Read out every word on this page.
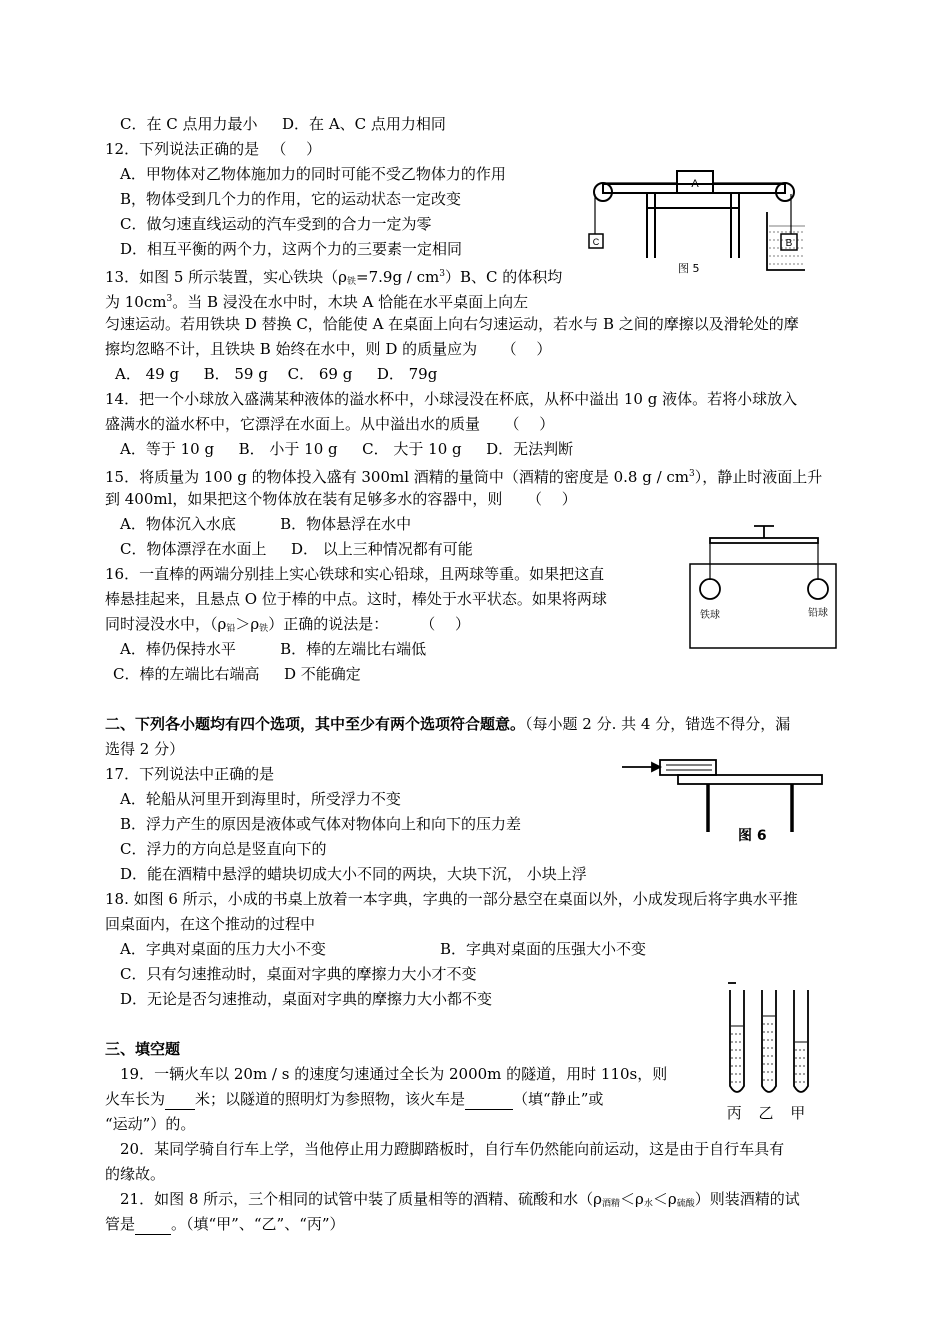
C．在 C 点用力最小 　 D．在 A、C 点用力相同
12．下列说法正确的是 　（ 　）
A．甲物体对乙物体施加力的同时可能不受乙物体力的作用
B，物体受到几个力的作用，它的运动状态一定改变
C．做匀速直线运动的汽车受到的合力一定为零
D．相互平衡的两个力，这两个力的三要素一定相同
13．如图 5 所示装置，实心铁块$(\rho_铁=7.9g / cm^3)B$、C 的体积均
为 $10cm^3$。当 B 浸没在水中时，木块 A 恰能在水平桌面上向左
匀速运动。若用铁块 D 替换 C，恰能使 A 在桌面上向右匀速运动，若水与 B 之间的摩擦以及滑轮处的摩
擦均忽略不计，且铁块 B 始终在水中，则 D 的质量应为 　 （ 　）
A． 49 g 　 B． 59 g 　C． 69 g 　 D． 79g
14．把一个小球放入盛满某种液体的溢水杯中，小球浸没在杯底，从杯中溢出 10 g 液体。若将小球放入
盛满水的溢水杯中，它漂浮在水面上。从中溢出水的质量 　 （ 　）
A．等于 10 g 　 B． 小于 10 g 　 C． 大于 10 g 　 D．无法判断
15．将质量为 100 g 的物体投入盛有 300ml 酒精的量筒中（酒精的密度是 0.8 g / $cm^3$），静止时液面上升
到 400ml，如果把这个物体放在装有足够多水的容器中，则 　 （ 　）
A．物体沉入水底 　 　 B．物体悬浮在水中
C．物体漂浮在水面上 　 D． 以上三种情况都有可能
16．一直棒的两端分别挂上实心铁球和实心铅球，且两球等重。如果把这直
棒悬挂起来，且悬点 O 位于棒的中点。这时，棒处于水平状态。如果将两球
同时浸没水中，$(\rho_铅>\rho_铁)$正确的说法是： 　 　（ 　）
A．棒仍保持水平 　 　 B．棒的左端比右端低
C．棒的左端比右端高 　 D 不能确定
二、下列各小题均有四个选项，其中至少有两个选项符合题意。（每小题 2 分. 共 4 分，错选不得分，漏
选得 2 分）
17．下列说法中正确的是
A．轮船从河里开到海里时，所受浮力不变
B．浮力产生的原因是液体或气体对物体向上和向下的压力差
C．浮力的方向总是竖直向下的
D．能在酒精中悬浮的蜡块切成大小不同的两块，大块下沉， 小块上浮
18. 如图 6 所示，小成的书桌上放着一本字典，字典的一部分悬空在桌面以外，小成发现后将字典水平推
回桌面内，在这个推动的过程中
A．字典对桌面的压力大小不变	B．字典对桌面的压强大小不变
C．只有匀速推动时，桌面对字典的摩擦力大小才不变
D．无论是否匀速推动，桌面对字典的摩擦力大小都不变
三、填空题
19．一辆火车以 20m / s 的速度匀速通过全长为 2000m 的隧道，用时 110s，则
火车长为 米；以隧道的照明灯为参照物，该火车是	（填“静止”或
“运动”）的。
20．某同学骑自行车上学，当他停止用力蹬脚踏板时，自行车仍然能向前运动，这是由于自行车具有
的缘故。
21．如图 8 所示，三个相同的试管中装了质量相等的酒精、硫酸和水$(\rho_{酒精}<\rho_水<\rho_{硫酸})$则装酒精的试
管是 。（填“甲”、“乙”、“丙”）
A
B
C
图 5
铁球	铅球
图 6
丙 乙 甲
